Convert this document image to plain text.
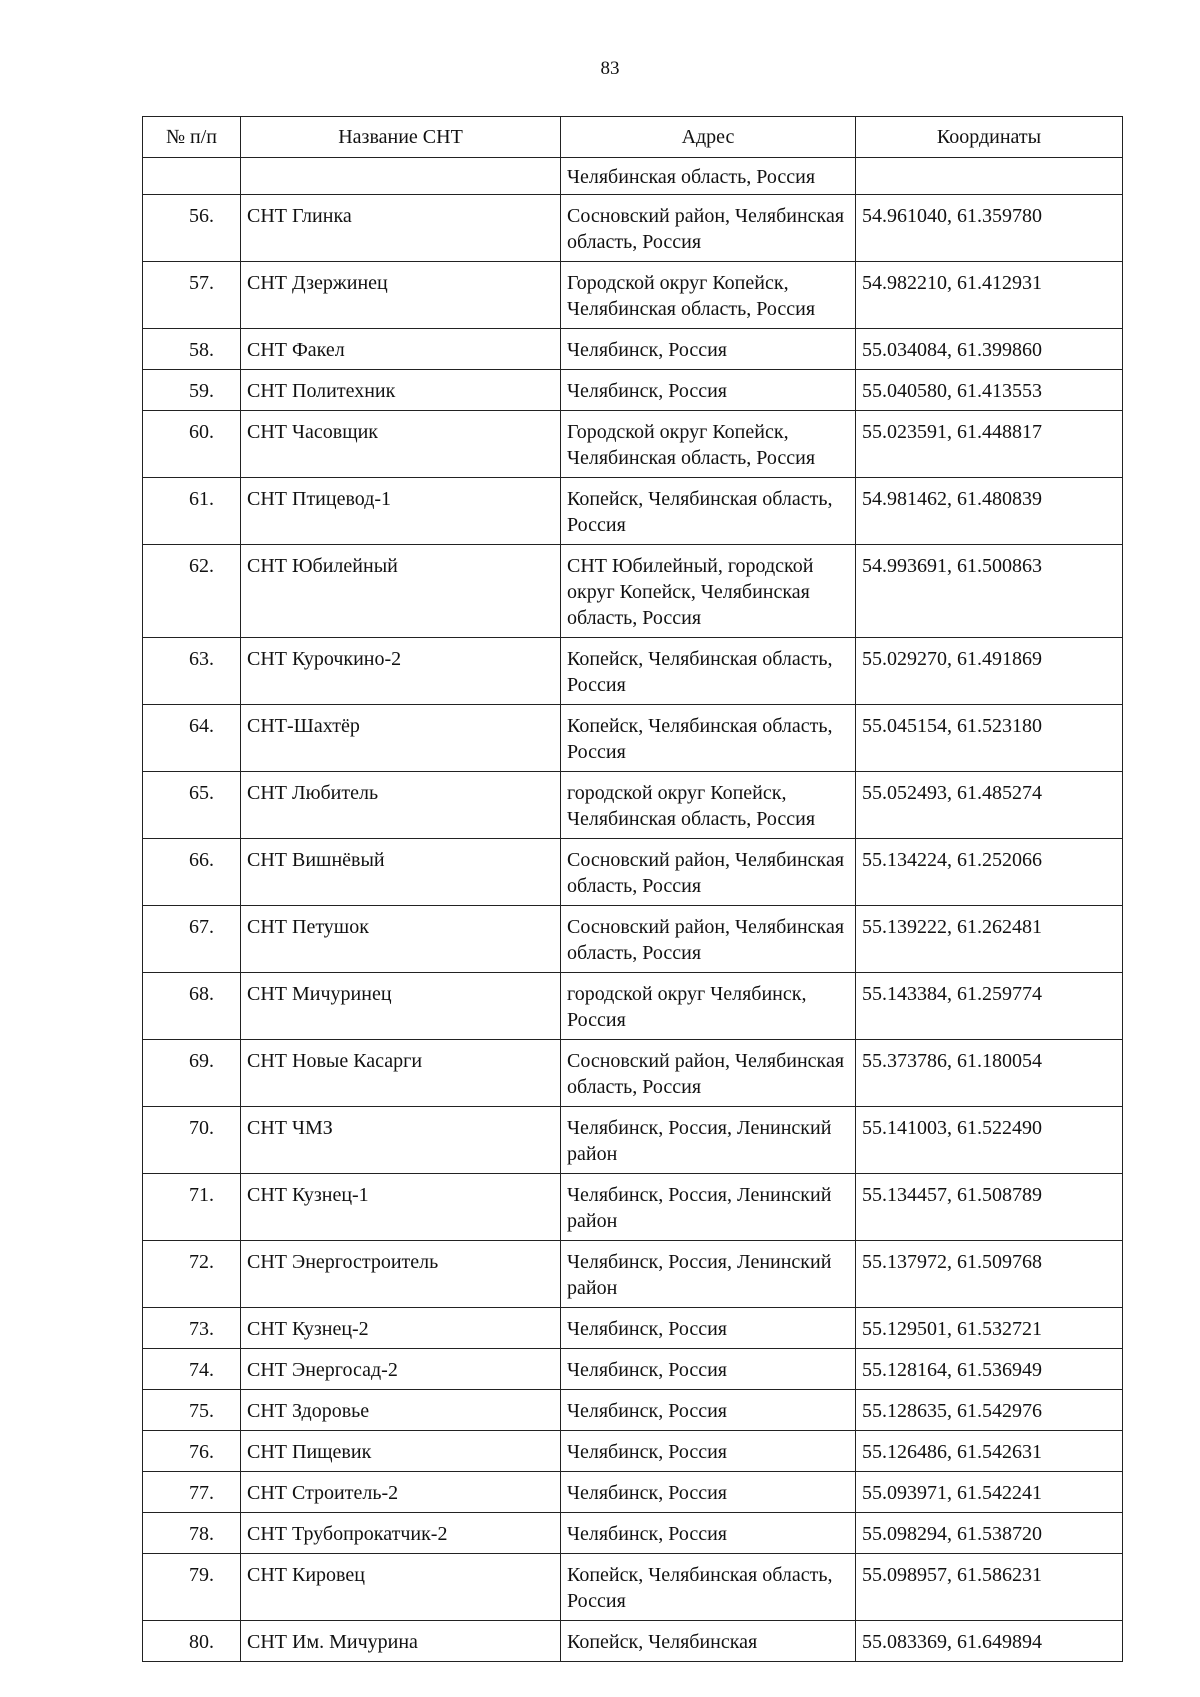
83
№ п/п	Название СНТ	Адрес	Координаты
		Челябинская область, Россия	
56.	СНТ Глинка	Сосновский район, Челябинская область, Россия	54.961040, 61.359780
57.	СНТ Дзержинец	Городской округ Копейск, Челябинская область, Россия	54.982210, 61.412931
58.	СНТ Факел	Челябинск, Россия	55.034084, 61.399860
59.	СНТ Политехник	Челябинск, Россия	55.040580, 61.413553
60.	СНТ Часовщик	Городской округ Копейск, Челябинская область, Россия	55.023591, 61.448817
61.	СНТ Птицевод-1	Копейск, Челябинская область, Россия	54.981462, 61.480839
62.	СНТ Юбилейный	СНТ Юбилейный, городской округ Копейск, Челябинская область, Россия	54.993691, 61.500863
63.	СНТ Курочкино-2	Копейск, Челябинская область, Россия	55.029270, 61.491869
64.	СНТ-Шахтёр	Копейск, Челябинская область, Россия	55.045154, 61.523180
65.	СНТ Любитель	городской округ Копейск, Челябинская область, Россия	55.052493, 61.485274
66.	СНТ Вишнёвый	Сосновский район, Челябинская область, Россия	55.134224, 61.252066
67.	СНТ Петушок	Сосновский район, Челябинская область, Россия	55.139222, 61.262481
68.	СНТ Мичуринец	городской округ Челябинск, Россия	55.143384, 61.259774
69.	СНТ Новые Касарги	Сосновский район, Челябинская область, Россия	55.373786, 61.180054
70.	СНТ ЧМЗ	Челябинск, Россия, Ленинский район	55.141003, 61.522490
71.	СНТ Кузнец-1	Челябинск, Россия, Ленинский район	55.134457, 61.508789
72.	СНТ Энергостроитель	Челябинск, Россия, Ленинский район	55.137972, 61.509768
73.	СНТ Кузнец-2	Челябинск, Россия	55.129501, 61.532721
74.	СНТ Энергосад-2	Челябинск, Россия	55.128164, 61.536949
75.	СНТ Здоровье	Челябинск, Россия	55.128635, 61.542976
76.	СНТ Пищевик	Челябинск, Россия	55.126486, 61.542631
77.	СНТ Строитель-2	Челябинск, Россия	55.093971, 61.542241
78.	СНТ Трубопрокатчик-2	Челябинск, Россия	55.098294, 61.538720
79.	СНТ Кировец	Копейск, Челябинская область, Россия	55.098957, 61.586231
80.	СНТ Им. Мичурина	Копейск, Челябинская	55.083369, 61.649894
